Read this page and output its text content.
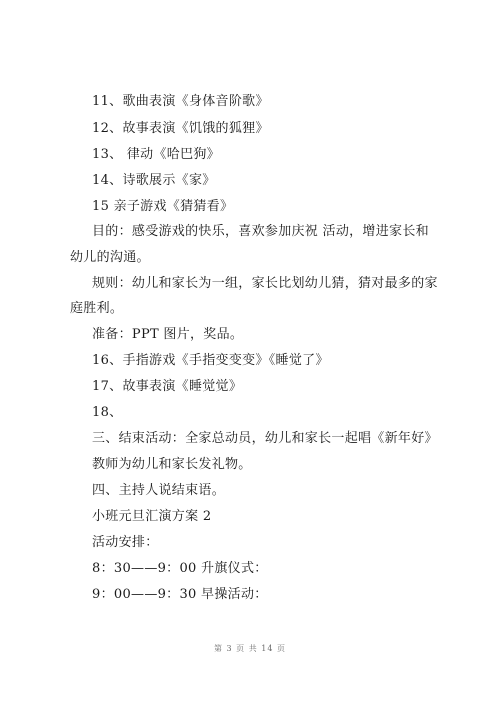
11、歌曲表演《身体音阶歌》
12、故事表演《饥饿的狐狸》
13、 律动《哈巴狗》
14、诗歌展示《家》
15 亲子游戏《猜猜看》
目的：感受游戏的快乐，喜欢参加庆祝 活动，增进家长和
幼儿的沟通。
规则：幼儿和家长为一组，家长比划幼儿猜，猜对最多的家
庭胜利。
准备：PPT 图片，奖品。
16、手指游戏《手指变变变》《睡觉了》
17、故事表演《睡觉觉》
18、
三、结束活动：全家总动员，幼儿和家长一起唱《新年好》
教师为幼儿和家长发礼物。
四、主持人说结束语。
小班元旦汇演方案 2
活动安排：
8：30——9：00 升旗仪式：
9：00——9：30 早操活动：
第 3 页 共 14 页
